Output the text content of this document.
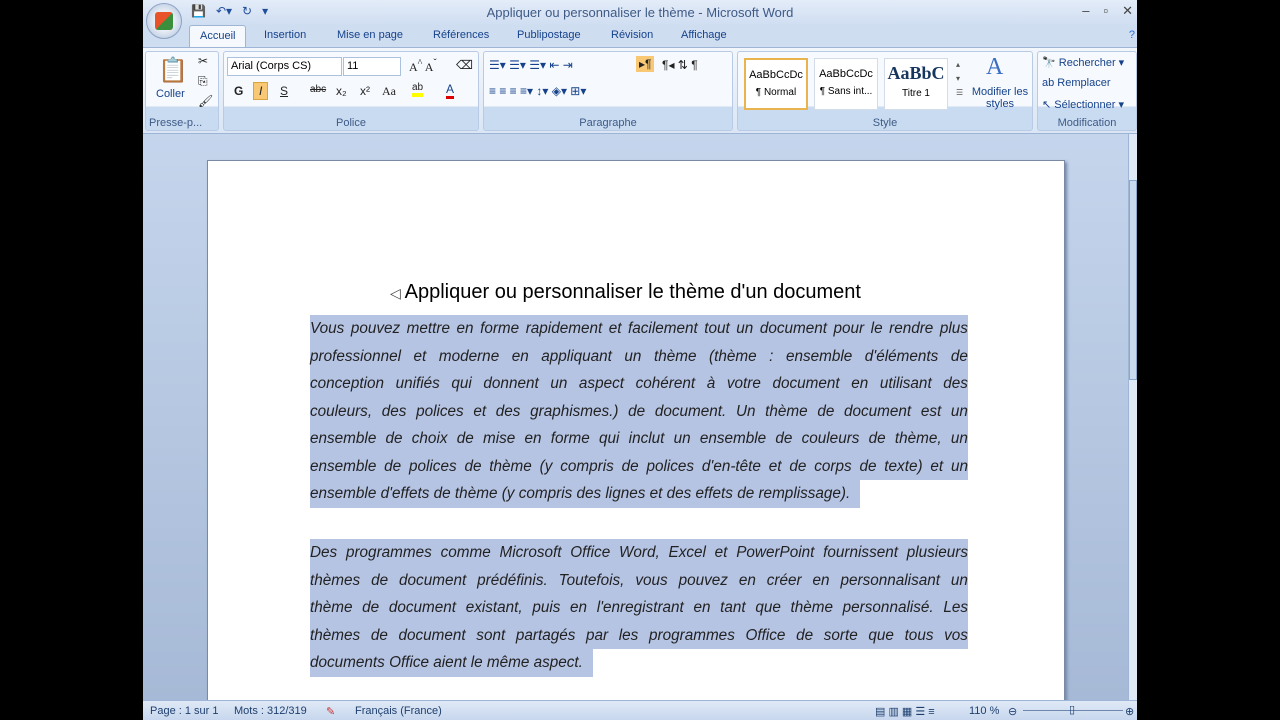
💾 ↶▾ ↻ ▾	Appliquer ou personnaliser le thème - Microsoft Word	– ▫ ✕
Accueil	Insertion	Mise en page	Références	Publipostage	Révision	Affichage	?
📋
Coller
✂
⎘
🖌
Presse-p...
Arial (Corps CS)	11	A^ $A^ˇ$ ⌫
G	I	S abc x₂ x² Aa ab A
Police
☰▾ ☰▾ ☰▾ ⇤ ⇥	▸¶ ¶◂ ⇅ ¶
≡ ≡ ≡ ≡▾ ↕▾ ◈▾ ⊞▾
Paragraphe
AaBbCcDc
¶ Normal
AaBbCcDc
¶ Sans int...
AaBbC
Titre 1
▴
▾
☰
A
Modifier les styles
Style
🔭 Rechercher ▾
ab Remplacer
↖ Sélectionner ▾
Modification
◁ Appliquer ou personnaliser le thème d'un document
Vous pouvez mettre en forme rapidement et facilement tout un document pour le rendre plus
professionnel et moderne en appliquant un thème (thème : ensemble d'éléments de
conception unifiés qui donnent un aspect cohérent à votre document en utilisant des
couleurs, des polices et des graphismes.) de document. Un thème de document est un
ensemble de choix de mise en forme qui inclut un ensemble de couleurs de thème, un
ensemble de polices de thème (y compris de polices d'en-tête et de corps de texte) et un
ensemble d'effets de thème (y compris des lignes et des effets de remplissage).
Des programmes comme Microsoft Office Word, Excel et PowerPoint fournissent plusieurs
thèmes de document prédéfinis. Toutefois, vous pouvez en créer en personnalisant un
thème de document existant, puis en l'enregistrant en tant que thème personnalisé. Les
thèmes de document sont partagés par les programmes Office de sorte que tous vos
documents Office aient le même aspect.
Page : 1 sur 1 Mots : 312/319 ✎ Français (France)	▤ ▥ ▦ ☰ ≡	110 % ⊖	▯	⊕
